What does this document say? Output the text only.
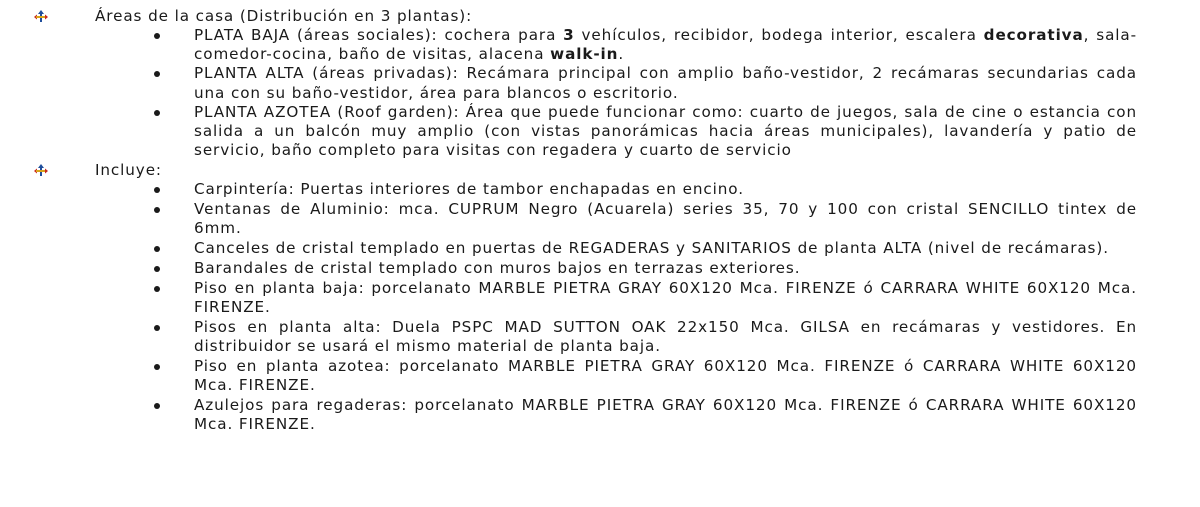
Áreas de la casa (Distribución en 3 plantas):
PLATA BAJA (áreas sociales): cochera para 3 vehículos, recibidor, bodega interior, escalera decorativa, sala-comedor-cocina, baño de visitas, alacena walk-in.
PLANTA ALTA (áreas privadas): Recámara principal con amplio baño-vestidor, 2 recámaras secundarias cada una con su baño-vestidor, área para blancos o escritorio.
PLANTA AZOTEA (Roof garden): Área que puede funcionar como: cuarto de juegos, sala de cine o estancia con salida a un balcón muy amplio (con vistas panorámicas hacia áreas municipales), lavandería y patio de servicio, baño completo para visitas con regadera y cuarto de servicio
Incluye:
Carpintería: Puertas interiores de tambor enchapadas en encino.
Ventanas de Aluminio: mca. CUPRUM Negro (Acuarela) series 35, 70 y 100 con cristal SENCILLO tintex de 6mm.
Canceles de cristal templado en puertas de REGADERAS y SANITARIOS de planta ALTA (nivel de recámaras).
Barandales de cristal templado con muros bajos en terrazas exteriores.
Piso en planta baja: porcelanato MARBLE PIETRA GRAY 60X120 Mca. FIRENZE ó CARRARA WHITE 60X120 Mca. FIRENZE.
Pisos en planta alta: Duela PSPC MAD SUTTON OAK 22x150 Mca. GILSA en recámaras y vestidores. En distribuidor se usará el mismo material de planta baja.
Piso en planta azotea: porcelanato MARBLE PIETRA GRAY 60X120 Mca. FIRENZE ó CARRARA WHITE 60X120 Mca. FIRENZE.
Azulejos para regaderas: porcelanato MARBLE PIETRA GRAY 60X120 Mca. FIRENZE ó CARRARA WHITE 60X120 Mca. FIRENZE.
